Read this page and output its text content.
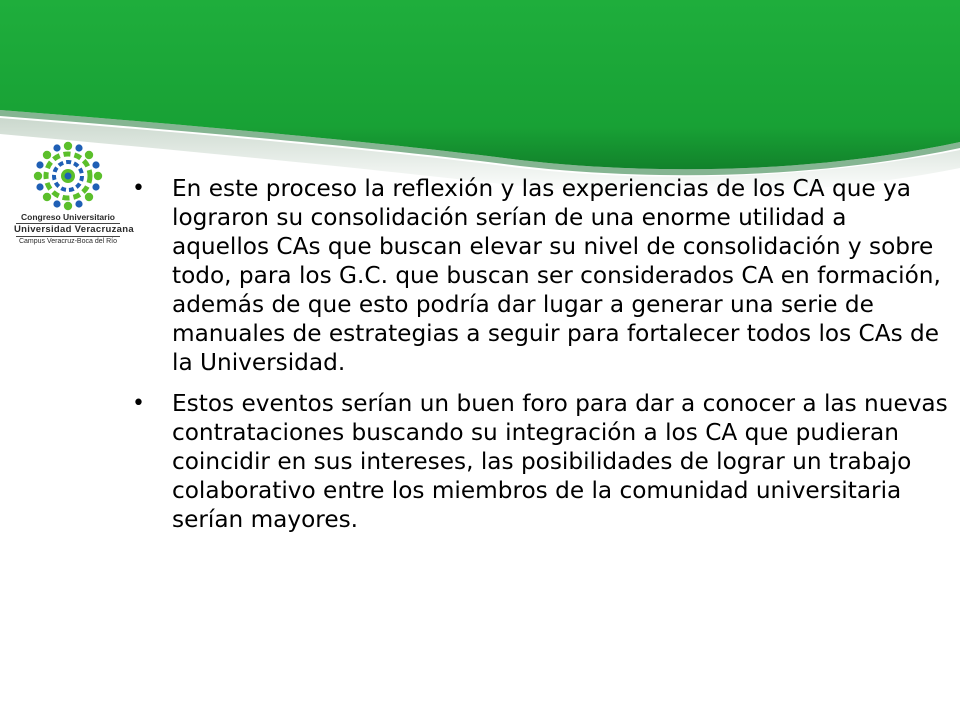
Congreso Universitario
Universidad Veracruzana
Campus Veracruz-Boca del Río
• En este proceso la reflexión y las experiencias de los CA que ya lograron su consolidación serían de una enorme utilidad a aquellos CAs que buscan elevar su nivel de consolidación y sobre todo, para los G.C. que buscan ser considerados CA en formación, además de que esto podría dar lugar a generar una serie de manuales de estrategias a seguir para fortalecer todos los CAs de la Universidad.
• Estos eventos serían un buen foro para dar a conocer a las nuevas contrataciones buscando su integración a los CA que pudieran coincidir en sus intereses, las posibilidades de lograr un trabajo colaborativo entre los miembros de la comunidad universitaria serían mayores.
